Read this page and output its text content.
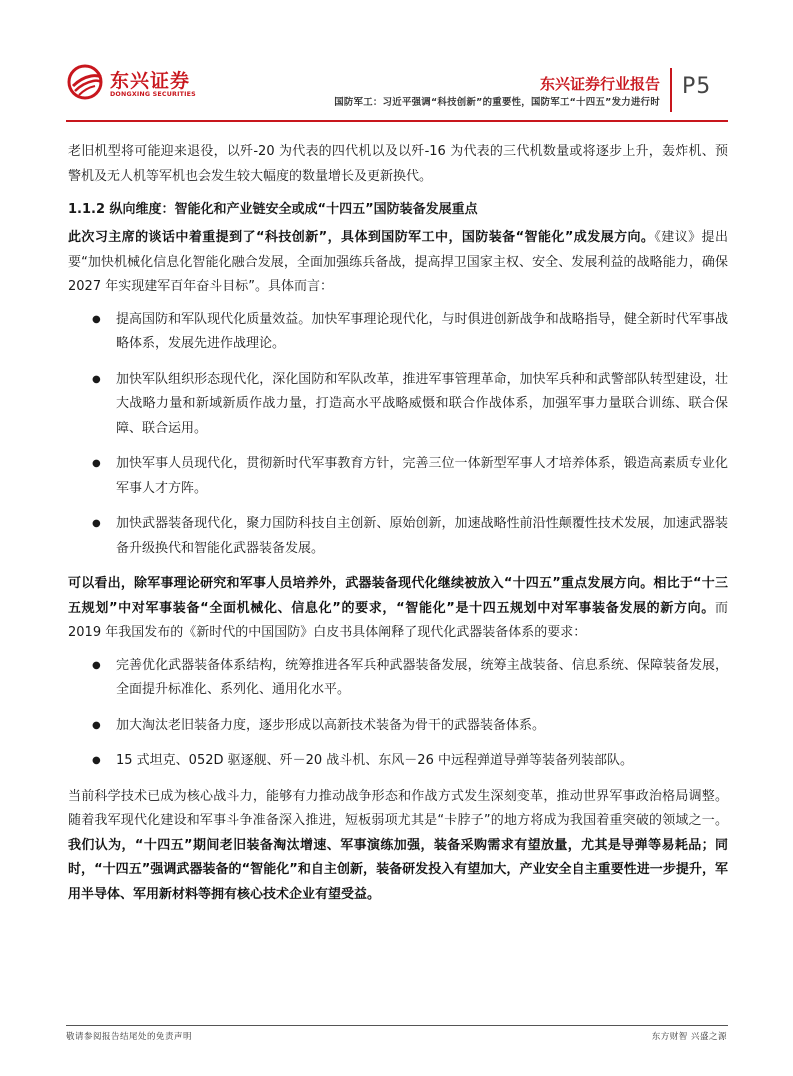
东兴证券
DONGXING SECURITIES
东兴证券行业报告
国防军工：习近平强调“科技创新”的重要性，国防军工“十四五”发力进行时
P5

老旧机型将可能迎来退役，以歼-20 为代表的四代机以及以歼-16 为代表的三代机数量或将逐步上升，轰炸机、预警机及无人机等军机也会发生较大幅度的数量增长及更新换代。

1.1.2 纵向维度：智能化和产业链安全或成“十四五”国防装备发展重点

此次习主席的谈话中着重提到了“科技创新”，具体到国防军工中，国防装备“智能化”成发展方向。《建议》提出要“加快机械化信息化智能化融合发展，全面加强练兵备战，提高捍卫国家主权、安全、发展利益的战略能力，确保 2027 年实现建军百年奋斗目标”。具体而言：

● 提高国防和军队现代化质量效益。加快军事理论现代化，与时俱进创新战争和战略指导，健全新时代军事战略体系，发展先进作战理论。
● 加快军队组织形态现代化，深化国防和军队改革，推进军事管理革命，加快军兵种和武警部队转型建设，壮大战略力量和新域新质作战力量，打造高水平战略威慑和联合作战体系，加强军事力量联合训练、联合保障、联合运用。
● 加快军事人员现代化，贯彻新时代军事教育方针，完善三位一体新型军事人才培养体系，锻造高素质专业化军事人才方阵。
● 加快武器装备现代化，聚力国防科技自主创新、原始创新，加速战略性前沿性颠覆性技术发展，加速武器装备升级换代和智能化武器装备发展。

可以看出，除军事理论研究和军事人员培养外，武器装备现代化继续被放入“十四五”重点发展方向。相比于“十三五规划”中对军事装备“全面机械化、信息化”的要求，“智能化”是十四五规划中对军事装备发展的新方向。而 2019 年我国发布的《新时代的中国国防》白皮书具体阐释了现代化武器装备体系的要求：

● 完善优化武器装备体系结构，统筹推进各军兵种武器装备发展，统筹主战装备、信息系统、保障装备发展，全面提升标准化、系列化、通用化水平。
● 加大淘汰老旧装备力度，逐步形成以高新技术装备为骨干的武器装备体系。
● 15 式坦克、052D 驱逐舰、歼－20 战斗机、东风－26 中远程弹道导弹等装备列装部队。

当前科学技术已成为核心战斗力，能够有力推动战争形态和作战方式发生深刻变革，推动世界军事政治格局调整。随着我军现代化建设和军事斗争准备深入推进，短板弱项尤其是“卡脖子”的地方将成为我国着重突破的领域之一。我们认为，“十四五”期间老旧装备淘汰增速、军事演练加强，装备采购需求有望放量，尤其是导弹等易耗品；同时，“十四五”强调武器装备的“智能化”和自主创新，装备研发投入有望加大，产业安全自主重要性进一步提升，军用半导体、军用新材料等拥有核心技术企业有望受益。

敬请参阅报告结尾处的免责声明	东方财智 兴盛之源
